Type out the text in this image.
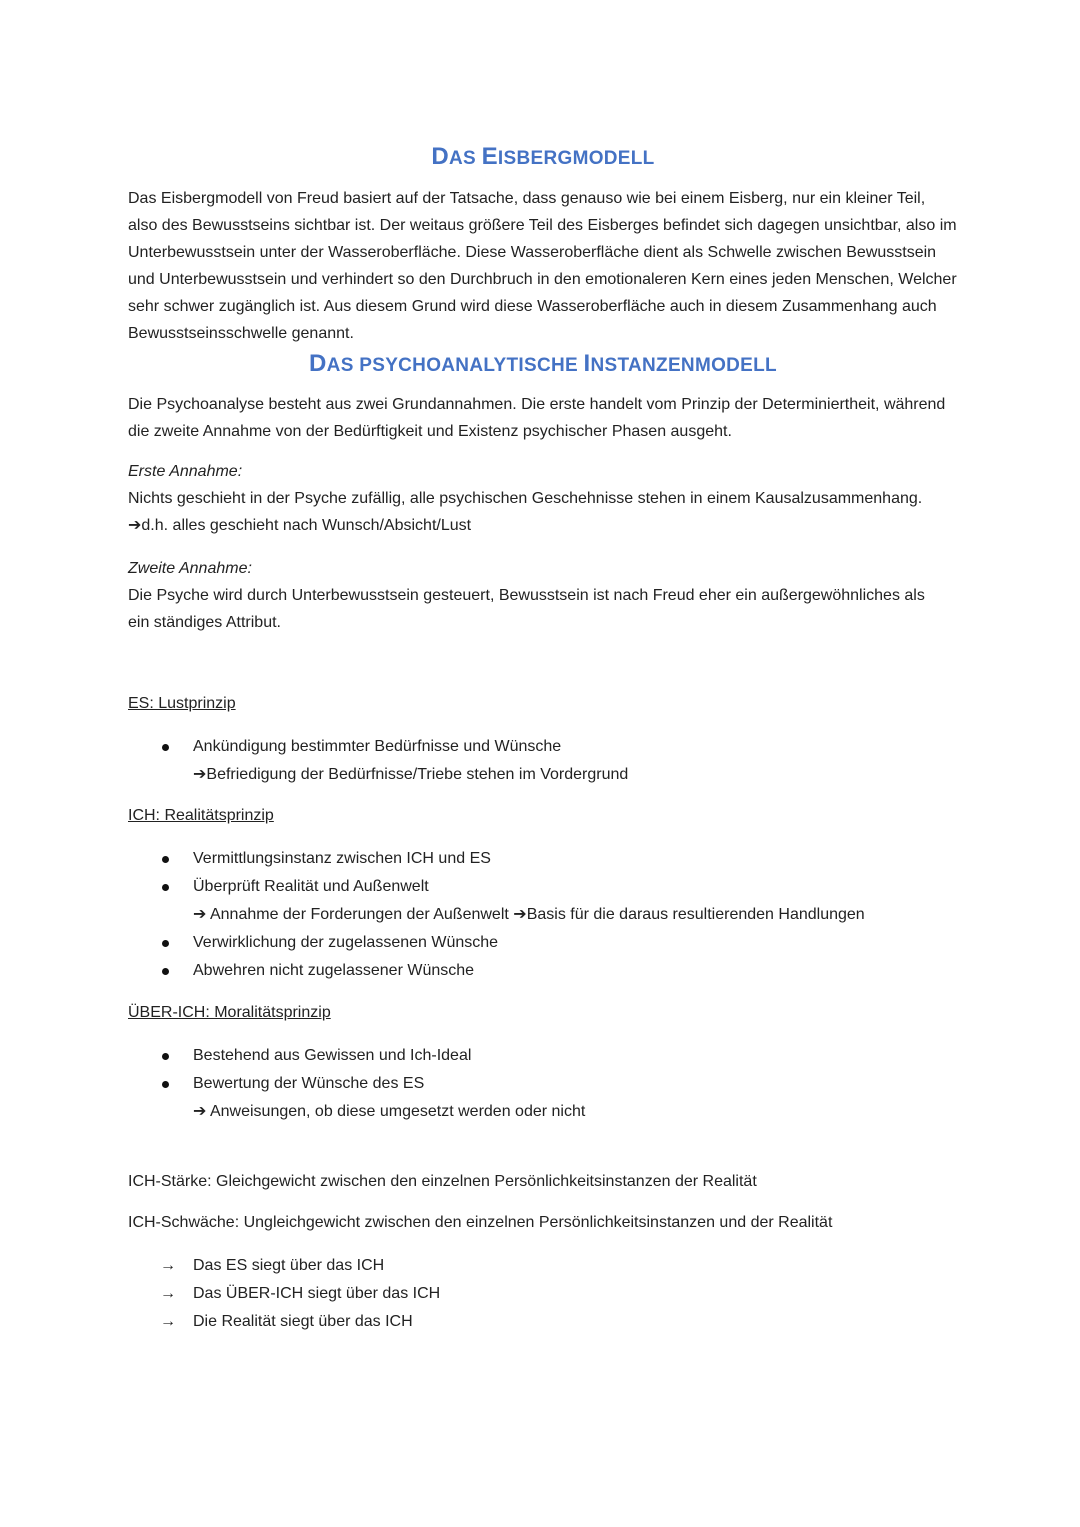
DAS EISBERGMODELL

Das Eisbergmodell von Freud basiert auf der Tatsache, dass genauso wie bei einem Eisberg, nur ein kleiner Teil, also des Bewusstseins sichtbar ist. Der weitaus größere Teil des Eisberges befindet sich dagegen unsichtbar, also im Unterbewusstsein unter der Wasseroberfläche. Diese Wasseroberfläche dient als Schwelle zwischen Bewusstsein und Unterbewusstsein und verhindert so den Durchbruch in den emotionaleren Kern eines jeden Menschen, Welcher sehr schwer zugänglich ist. Aus diesem Grund wird diese Wasseroberfläche auch in diesem Zusammenhang auch Bewusstseinsschwelle genannt.

DAS PSYCHOANALYTISCHE INSTANZENMODELL

Die Psychoanalyse besteht aus zwei Grundannahmen. Die erste handelt vom Prinzip der Determiniertheit, während die zweite Annahme von der Bedürftigkeit und Existenz psychischer Phasen ausgeht.

Erste Annahme:

Nichts geschieht in der Psyche zufällig, alle psychischen Geschehnisse stehen in einem Kausalzusammenhang.

➔d.h. alles geschieht nach Wunsch/Absicht/Lust

Zweite Annahme:

Die Psyche wird durch Unterbewusstsein gesteuert, Bewusstsein ist nach Freud eher ein außergewöhnliches als ein ständiges Attribut.

ES: Lustprinzip

Ankündigung bestimmter Bedürfnisse und Wünsche
➔Befriedigung der Bedürfnisse/Triebe stehen im Vordergrund

ICH: Realitätsprinzip

Vermittlungsinstanz zwischen ICH und ES
Überprüft Realität und Außenwelt
➔ Annahme der Forderungen der Außenwelt ➔Basis für die daraus resultierenden Handlungen
Verwirklichung der zugelassenen Wünsche
Abwehren nicht zugelassener Wünsche

ÜBER-ICH: Moralitätsprinzip

Bestehend aus Gewissen und Ich-Ideal
Bewertung der Wünsche des ES
➔ Anweisungen, ob diese umgesetzt werden oder nicht

ICH-Stärke: Gleichgewicht zwischen den einzelnen Persönlichkeitsinstanzen der Realität

ICH-Schwäche: Ungleichgewicht zwischen den einzelnen Persönlichkeitsinstanzen und der Realität

→ Das ES siegt über das ICH
→ Das ÜBER-ICH siegt über das ICH
→ Die Realität siegt über das ICH
